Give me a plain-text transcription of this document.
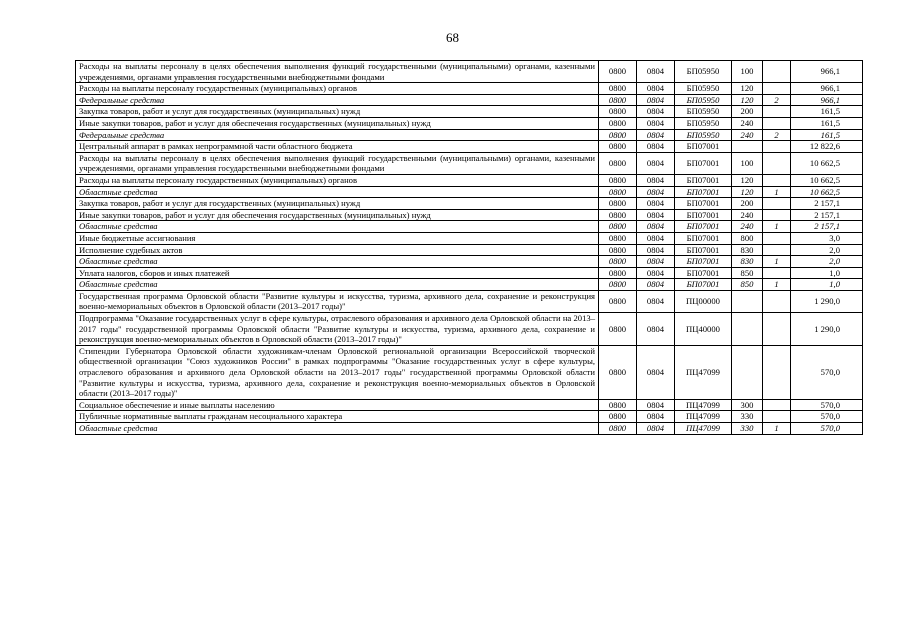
68
Расходы на выплаты персоналу в целях обеспечения выполнения функций государственными (муниципальными) органами, казенными учреждениями, органами управления государственными внебюджетными фондами	0800	0804	БП05950	100		966,1
Расходы на выплаты персоналу государственных (муниципальных) органов	0800	0804	БП05950	120		966,1
Федеральные средства	0800	0804	БП05950	120	2	966,1
Закупка товаров, работ и услуг для государственных (муниципальных) нужд	0800	0804	БП05950	200		161,5
Иные закупки товаров, работ и услуг для обеспечения государственных (муниципальных) нужд	0800	0804	БП05950	240		161,5
Федеральные средства	0800	0804	БП05950	240	2	161,5
Центральный аппарат в рамках непрограммной части областного бюджета	0800	0804	БП07001			12 822,6
Расходы на выплаты персоналу в целях обеспечения выполнения функций государственными (муниципальными) органами, казенными учреждениями, органами управления государственными внебюджетными фондами	0800	0804	БП07001	100		10 662,5
Расходы на выплаты персоналу государственных (муниципальных) органов	0800	0804	БП07001	120		10 662,5
Областные средства	0800	0804	БП07001	120	1	10 662,5
Закупка товаров, работ и услуг для государственных (муниципальных) нужд	0800	0804	БП07001	200		2 157,1
Иные закупки товаров, работ и услуг для обеспечения государственных (муниципальных) нужд	0800	0804	БП07001	240		2 157,1
Областные средства	0800	0804	БП07001	240	1	2 157,1
Иные бюджетные ассигнования	0800	0804	БП07001	800		3,0
Исполнение судебных актов	0800	0804	БП07001	830		2,0
Областные средства	0800	0804	БП07001	830	1	2,0
Уплата налогов, сборов и иных платежей	0800	0804	БП07001	850		1,0
Областные средства	0800	0804	БП07001	850	1	1,0
Государственная программа Орловской области "Развитие культуры и искусства, туризма, архивного дела, сохранение и реконструкция военно-мемориальных объектов в Орловской области (2013–2017 годы)"	0800	0804	ПЦ00000			1 290,0
Подпрограмма "Оказание государственных услуг в сфере культуры, отраслевого образования и архивного дела Орловской области на 2013–2017 годы" государственной программы Орловской области "Развитие культуры и искусства, туризма, архивного дела, сохранение и реконструкция военно-мемориальных объектов в Орловской области (2013–2017 годы)"	0800	0804	ПЦ40000			1 290,0
Стипендии Губернатора Орловской области художникам-членам Орловской региональной организации Всероссийской творческой общественной организации "Союз художников России" в рамках подпрограммы "Оказание государственных услуг в сфере культуры, отраслевого образования и архивного дела Орловской области на 2013–2017 годы" государственной программы Орловской области "Развитие культуры и искусства, туризма, архивного дела, сохранение и реконструкция военно-мемориальных объектов в Орловской области (2013–2017 годы)"	0800	0804	ПЦ47099			570,0
Социальное обеспечение и иные выплаты населению	0800	0804	ПЦ47099	300		570,0
Публичные нормативные выплаты гражданам несоциального характера	0800	0804	ПЦ47099	330		570,0
Областные средства	0800	0804	ПЦ47099	330	1	570,0
